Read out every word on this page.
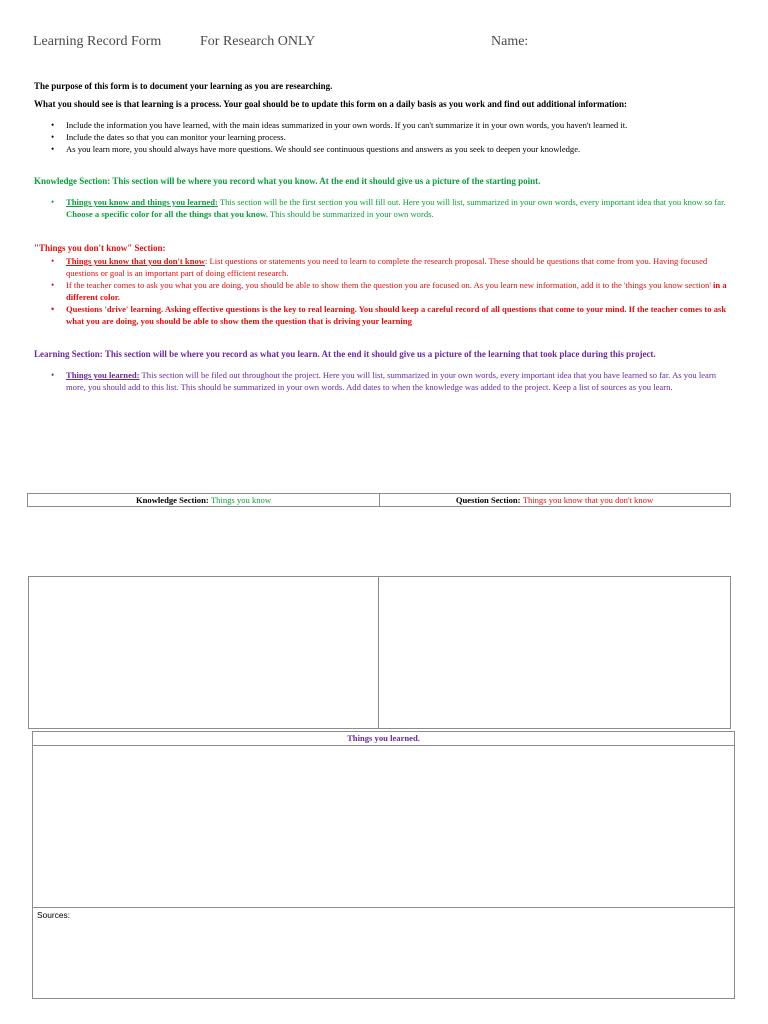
Learning Record Form	For Research ONLY	Name:
The purpose of this form is to document your learning as you are researching.
What you should see is that learning is a process. Your goal should be to update this form on a daily basis as you work and find out additional information:
• Include the information you have learned, with the main ideas summarized in your own words. If you can't summarize it in your own words, you haven't learned it.
• Include the dates so that you can monitor your learning process.
• As you learn more, you should always have more questions. We should see continuous questions and answers as you seek to deepen your knowledge.
Knowledge Section: This section will be where you record what you know. At the end it should give us a picture of the starting point.
• Things you know and things you learned: This section will be the first section you will fill out. Here you will list, summarized in your own words, every important idea that you know so far. Choose a specific color for all the things that you know. This should be summarized in your own words.
"Things you don't know" Section:
• Things you know that you don't know: List questions or statements you need to learn to complete the research proposal. These should be questions that come from you. Having focused questions or goal is an important part of doing efficient research.
• If the teacher comes to ask you what you are doing, you should be able to show them the question you are focused on. As you learn new information, add it to the 'things you know section' in a different color.
• Questions 'drive' learning. Asking effective questions is the key to real learning. You should keep a careful record of all questions that come to your mind. If the teacher comes to ask what you are doing, you should be able to show them the question that is driving your learning
Learning Section: This section will be where you record as what you learn. At the end it should give us a picture of the learning that took place during this project.
• Things you learned: This section will be filed out throughout the project. Here you will list, summarized in your own words, every important idea that you have learned so far. As you learn more, you should add to this list. This should be summarized in your own words. Add dates to when the knowledge was added to the project. Keep a list of sources as you learn.
Knowledge Section: Things you know	Question Section: Things you know that you don't know
Things you learned.
Sources:
